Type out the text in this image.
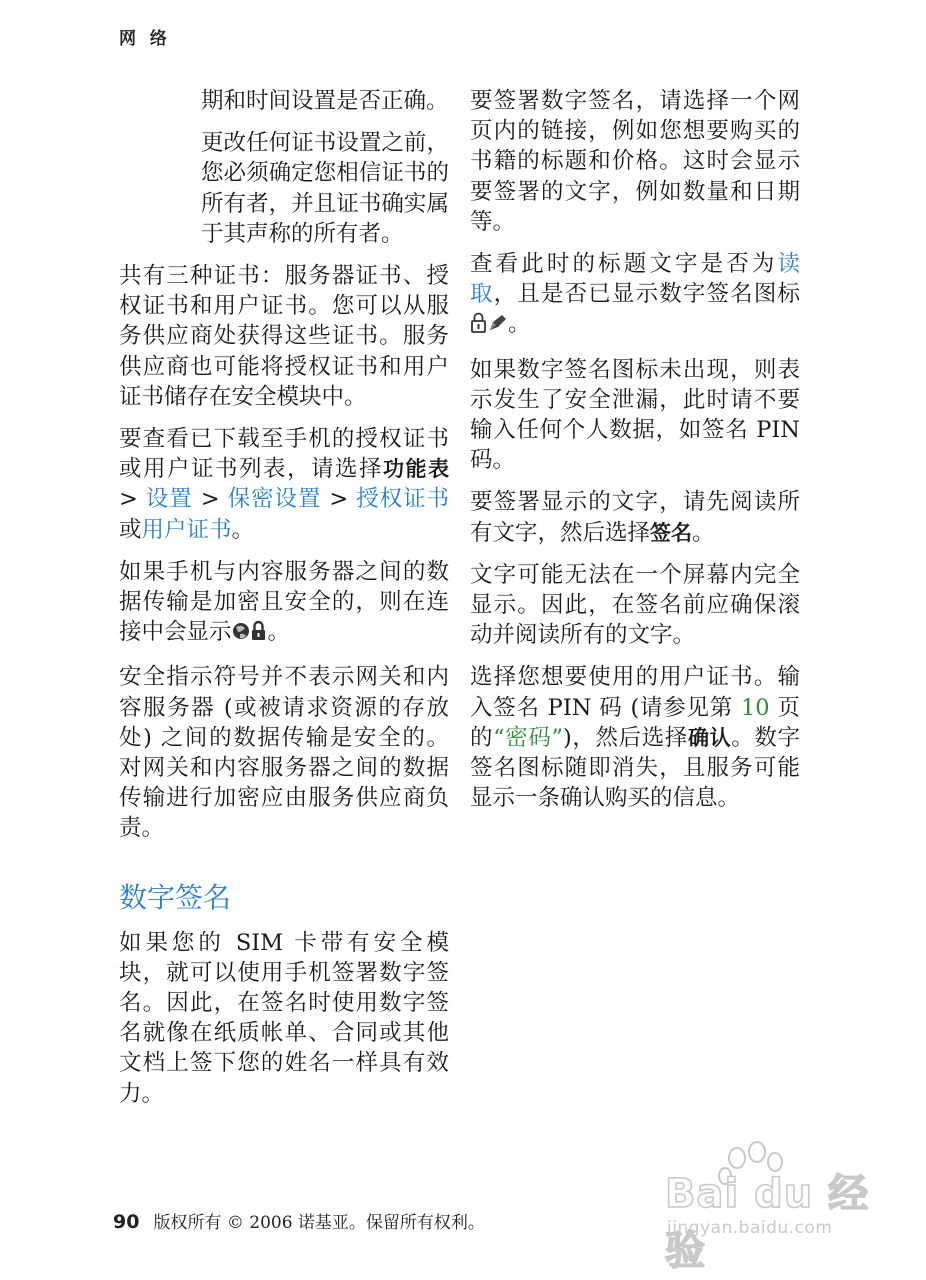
网 络

期和时间设置是否正确。

更改任何证书设置之前，您必须确定您相信证书的所有者，并且证书确实属于其声称的所有者。

共有三种证书：服务器证书、授权证书和用户证书。您可以从服务供应商处获得这些证书。服务供应商也可能将授权证书和用户证书储存在安全模块中。

要查看已下载至手机的授权证书或用户证书列表，请选择功能表 > 设置 > 保密设置 > 授权证书或用户证书。

如果手机与内容服务器之间的数据传输是加密且安全的，则在连接中会显示 。

安全指示符号并不表示网关和内容服务器 (或被请求资源的存放处) 之间的数据传输是安全的。对网关和内容服务器之间的数据传输进行加密应由服务供应商负责。

数字签名

如果您的 SIM 卡带有安全模块，就可以使用手机签署数字签名。因此，在签名时使用数字签名就像在纸质帐单、合同或其他文档上签下您的姓名一样具有效力。

要签署数字签名，请选择一个网页内的链接，例如您想要购买的书籍的标题和价格。这时会显示要签署的文字，例如数量和日期等。

查看此时的标题文字是否为读取，且是否已显示数字签名图标。

如果数字签名图标未出现，则表示发生了安全泄漏，此时请不要输入任何个人数据，如签名 PIN 码。

要签署显示的文字，请先阅读所有文字，然后选择签名。

文字可能无法在一个屏幕内完全显示。因此，在签名前应确保滚动并阅读所有的文字。

选择您想要使用的用户证书。输入签名 PIN 码 (请参见第 10 页的“密码”)，然后选择确认。数字签名图标随即消失，且服务可能显示一条确认购买的信息。

90 版权所有 © 2006 诺基亚。保留所有权利。
Bai du 经验
jingyan.baidu.com
